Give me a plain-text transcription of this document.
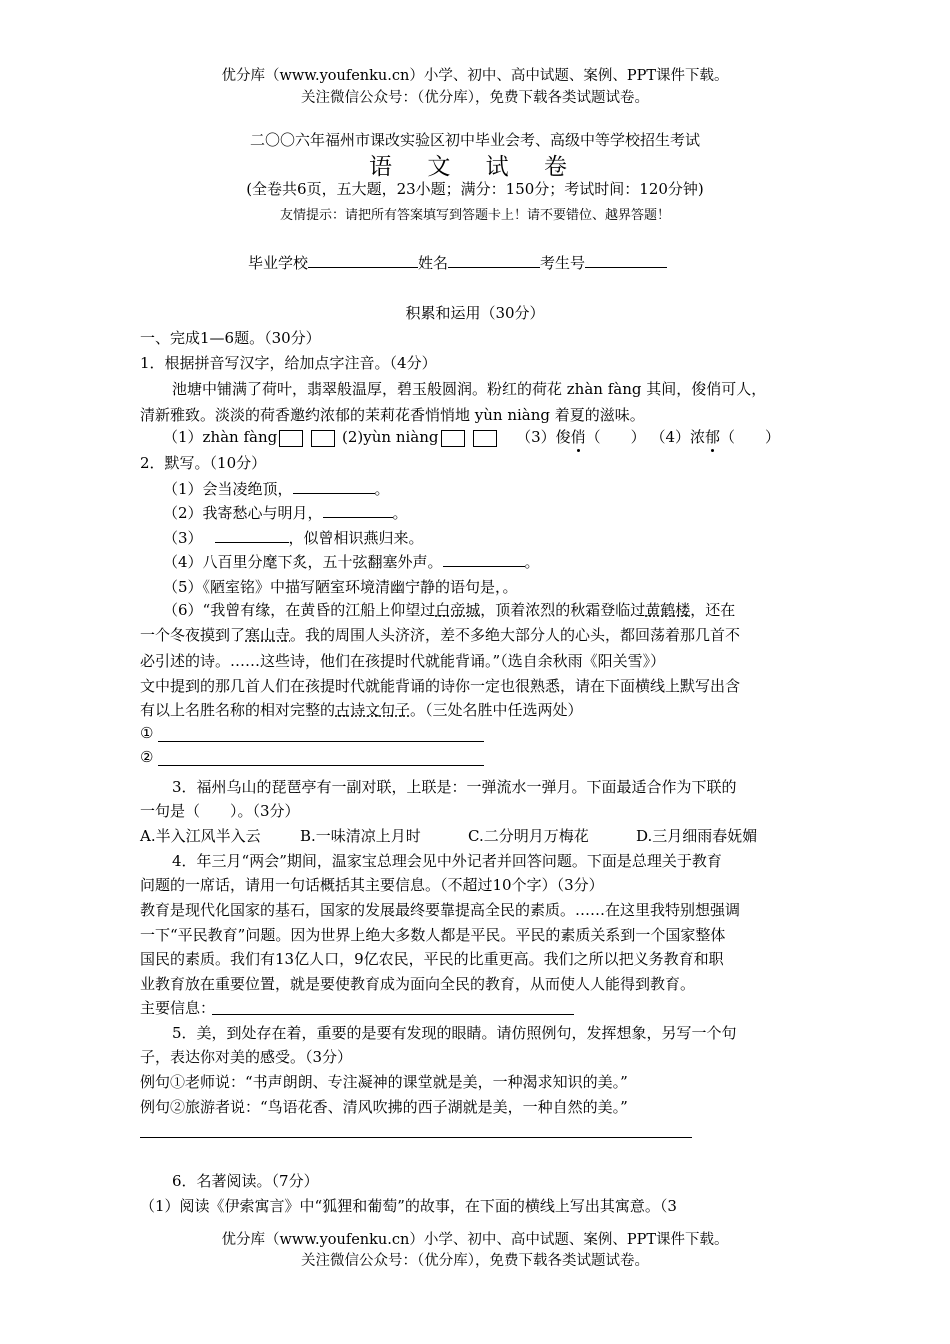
优分库（www.youfenku.cn）小学、初中、高中试题、案例、PPT课件下载。
关注微信公众号：（优分库），免费下载各类试题试卷。
二〇〇六年福州市课改实验区初中毕业会考、高级中等学校招生考试
语 文 试 卷
(全卷共6页，五大题，23小题；满分：150分；考试时间：120分钟)
友情提示：请把所有答案填写到答题卡上！请不要错位、越界答题！
毕业学校	姓名	考生号
积累和运用（30分）
一、完成1—6题。（30分）
1．根据拼音写汉字，给加点字注音。（4分）
池塘中铺满了荷叶，翡翠般温厚，碧玉般圆润。粉红的荷花 zhàn fàng 其间，俊俏可人，
清新雅致。淡淡的荷香邀约浓郁的茉莉花香悄悄地 yùn niàng 着夏的滋味。
（1）zhàn fàng	(2)yùn niàng	（3）俊俏（　　） （4）浓郁（　　）
2．默写。（10分）
（1）会当凌绝顶，	。
（2）我寄愁心与明月，	。
（3）	，似曾相识燕归来。
（4）八百里分麾下炙，五十弦翻塞外声。	。
（5）《陋室铭》中描写陋室环境清幽宁静的语句是，。
（6）“我曾有缘，在黄昏的江船上仰望过白帝城，顶着浓烈的秋霜登临过黄鹤楼，还在
一个冬夜摸到了寒山寺。我的周围人头济济，差不多绝大部分人的心头，都回荡着那几首不
必引述的诗。……这些诗，他们在孩提时代就能背诵。”（选自余秋雨《阳关雪》）
文中提到的那几首人们在孩提时代就能背诵的诗你一定也很熟悉，请在下面横线上默写出含
有以上名胜名称的相对完整的古诗文句子。（三处名胜中任选两处）
①
②
3．福州乌山的琵琶亭有一副对联，上联是：一弹流水一弹月。下面最适合作为下联的
一句是（　　）。（3分）
A.半入江风半入云	B.一味清凉上月时	C.二分明月万梅花	D.三月细雨春妩媚
4．年三月“两会”期间，温家宝总理会见中外记者并回答问题。下面是总理关于教育
问题的一席话，请用一句话概括其主要信息。（不超过10个字）（3分）
教育是现代化国家的基石，国家的发展最终要靠提高全民的素质。……在这里我特别想强调
一下“平民教育”问题。因为世界上绝大多数人都是平民。平民的素质关系到一个国家整体
国民的素质。我们有13亿人口，9亿农民，平民的比重更高。我们之所以把义务教育和职
业教育放在重要位置，就是要使教育成为面向全民的教育，从而使人人能得到教育。
主要信息：
5．美，到处存在着，重要的是要有发现的眼睛。请仿照例句，发挥想象，另写一个句
子，表达你对美的感受。（3分）
例句①老师说：“书声朗朗、专注凝神的课堂就是美，一种渴求知识的美。”
例句②旅游者说：“鸟语花香、清风吹拂的西子湖就是美，一种自然的美。”
6．名著阅读。（7分）
（1）阅读《伊索寓言》中“狐狸和葡萄”的故事，在下面的横线上写出其寓意。（3
优分库（www.youfenku.cn）小学、初中、高中试题、案例、PPT课件下载。
关注微信公众号：（优分库），免费下载各类试题试卷。
